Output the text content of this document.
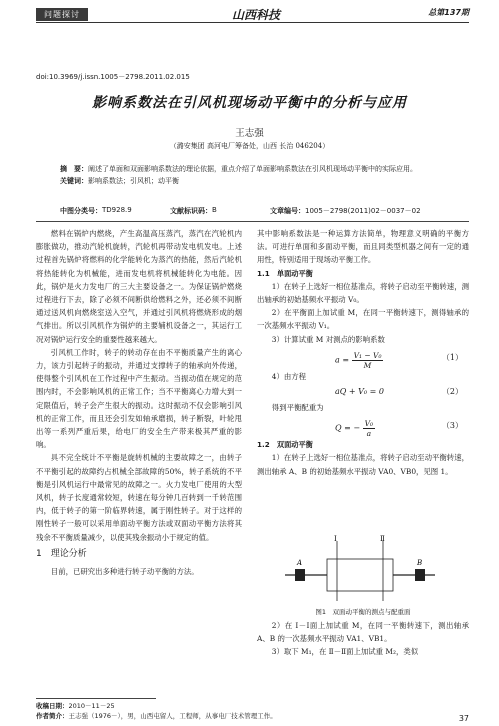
问题探讨	山西科技	总第137期
doi:10.3969/j.issn.1005－2798.2011.02.015
影响系数法在引风机现场动平衡中的分析与应用
王志强
（潞安集团 高河电厂筹备处，山西 长治 046204）
摘　要：阐述了单面和双面影响系数法的理论依据，重点介绍了单面影响系数法在引风机现场动平衡中的实际应用。
关键词：影响系数法；引风机；动平衡
中图分类号： TD928.9	文献标识码： B	文章编号： 1005－2798(2011)02－0037－02

燃料在锅炉内燃烧，产生高温高压蒸汽，蒸汽在汽轮机内膨胀做功，推动汽轮机旋转，汽轮机再带动发电机发电。上述过程首先锅炉将燃料的化学能转化为蒸汽的热能，然后汽轮机将热能转化为机械能，进而发电机将机械能转化为电能。因此，锅炉是火力发电厂的三大主要设备之一。为保证锅炉燃烧过程进行下去，除了必须不间断供给燃料之外，还必须不间断通过送风机向燃烧室送入空气，并通过引风机将燃烧形成的烟气排出。所以引风机作为锅炉的主要辅机设备之一，其运行工况对锅炉运行安全的重要性越来越大。

引风机工作时，转子的转动存在由不平衡质量产生的离心力，该力引起转子的振动，并通过支撑转子的轴承向外传递，使得整个引风机在工作过程中产生振动。当振动值在规定的范围内时，不会影响风机的正常工作；当不平衡离心力增大到一定限值后，转子会产生很大的振动。这时振动不仅会影响引风机的正常工作，而且还会引发如轴承磨损，转子断裂，叶轮甩出等一系列严重后果，给电厂的安全生产带来极其严重的影响。

具不完全统计不平衡是旋转机械的主要故障之一，由转子不平衡引起的故障约占机械全部故障的50%，转子系统的不平衡是引风机运行中最常见的故障之一。火力发电厂使用的大型风机，转子长度通常较短，转速在每分钟几百转到一千转范围内，低于转子的第一阶临界转速，属于刚性转子。对于这样的刚性转子一般可以采用单面动平衡方法或双面动平衡方法将其残余不平衡质量减少，以使其残余振动小于规定的值。

1　理论分析

目前，已研究出多种进行转子动平衡的方法。

其中影响系数法是一种运算方法简单，物理意义明确的平衡方法。可进行单面和多面动平衡，而且同类型机器之间有一定的通用性，特别适用于现场动平衡工作。

1.1　单面动平衡

1）在转子上选好一相位基准点，将转子启动至平衡转速，测出轴承的初始基频水平振动 V₀。

2）在平衡面上加试重 M，在同一平衡转速下，测得轴承的一次基频水平振动 V₁。

3）计算试重 M 对测点的影响系数

$a = \frac{\text{V₁ − V₀}}{M}$	（1）

4）由方程

aQ + V₀ = 0	（2）

得到平衡配重为

Q = − $\frac{\text{V₀}}{a}$	（3）
1.2　双面动平衡

1）在转子上选好一相位基准点，将转子启动至动平衡转速，测出轴承 A、B 的初始基频水平振动 VA0、VB0，见图 1。

Ⅰ	Ⅱ
A	B
图1　双面动平衡的测点与配重面

2）在 Ⅰ－Ⅰ面上加试重 M，在同一平衡转速下，测出轴承 A、B 的一次基频水平振动 VA1、VB1。

3）取下 M₁，在 Ⅱ－Ⅱ面上加试重 M₂，类似

收稿日期：2010－11－25
作者简介：王志强（1976－），男，山西屯留人，工程师，从事电厂技术管理工作。	37
